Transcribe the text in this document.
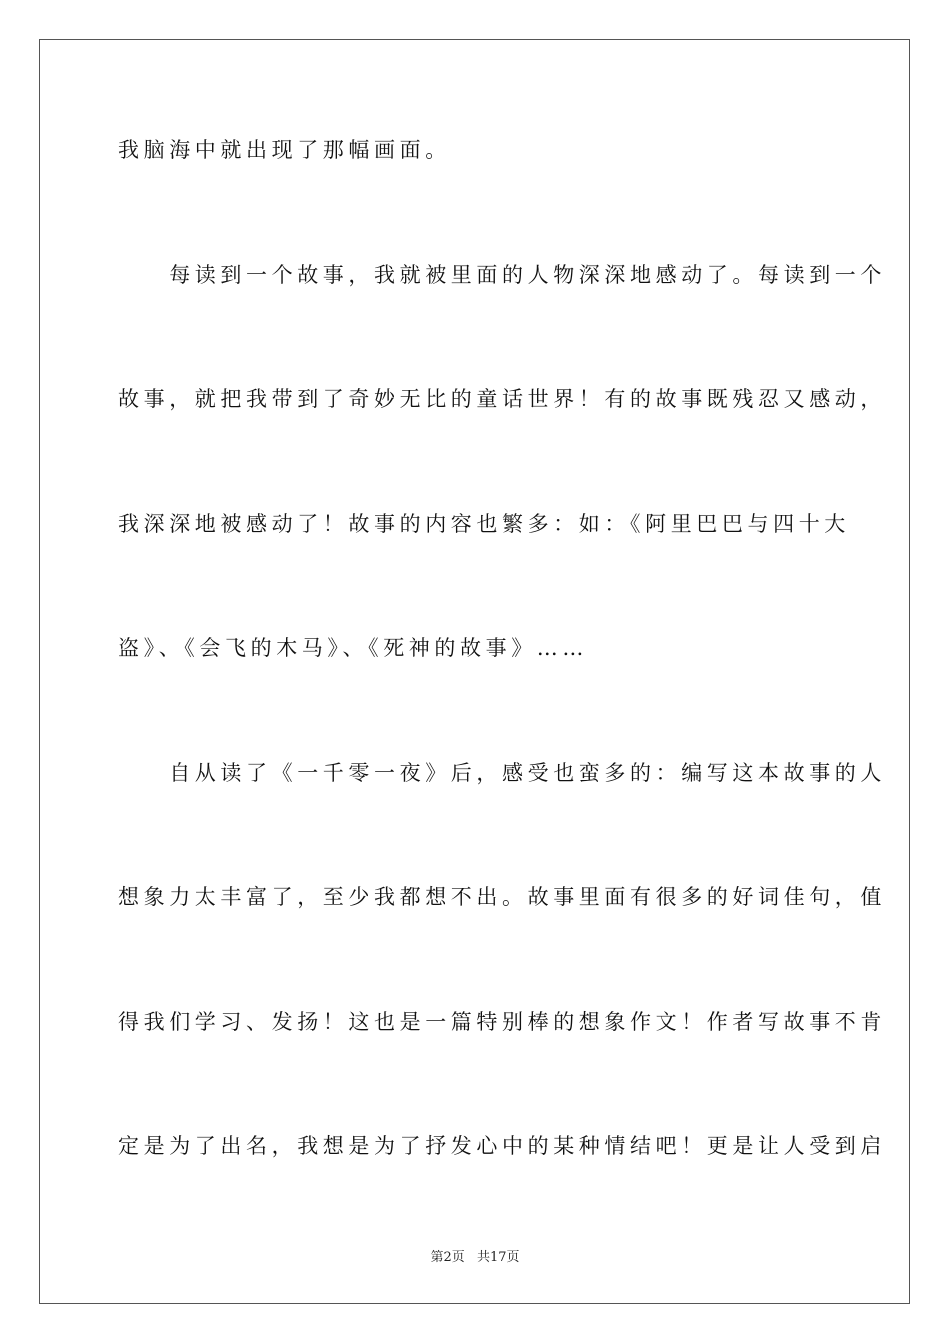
我脑海中就出现了那幅画面。
　　每读到一个故事，我就被里面的人物深深地感动了。每读到一个
故事，就把我带到了奇妙无比的童话世界！有的故事既残忍又感动，
我深深地被感动了！故事的内容也繁多：如：《阿里巴巴与四十大
盗》、《会飞的木马》、《死神的故事》……
　　自从读了《一千零一夜》后，感受也蛮多的：编写这本故事的人
想象力太丰富了，至少我都想不出。故事里面有很多的好词佳句，值
得我们学习、发扬！这也是一篇特别棒的想象作文！作者写故事不肯
定是为了出名，我想是为了抒发心中的某种情结吧！更是让人受到启
第2页 共17页
